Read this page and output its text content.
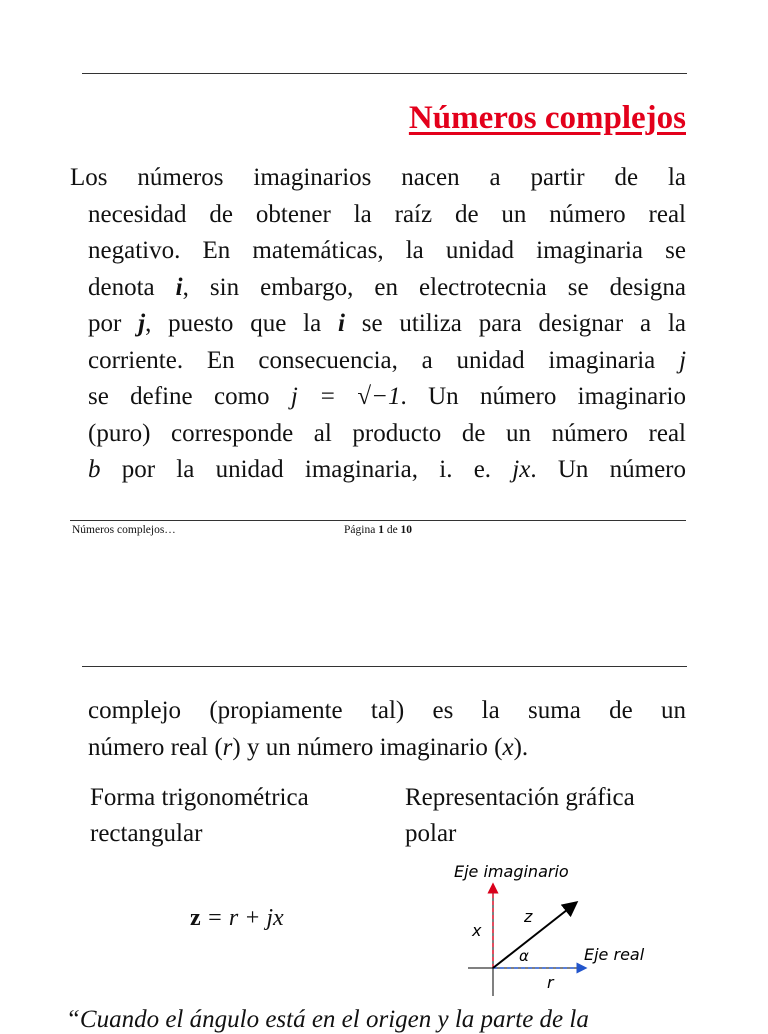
Números complejos
Los números imaginarios nacen a partir de la
necesidad de obtener la raíz de un número real
negativo. En matemáticas, la unidad imaginaria se
denota i, sin embargo, en electrotecnia se designa
por j, puesto que la i se utiliza para designar a la
corriente. En consecuencia, a unidad imaginaria j
se define como j = √−1. Un número imaginario
(puro) corresponde al producto de un número real
b por la unidad imaginaria, i. e. jx. Un número
Números complejos…	Página 1 de 10
complejo (propiamente tal) es la suma de un
número real (r) y un número imaginario (x).
Forma trigonométrica
rectangular
Representación gráfica
polar
z = r + jx
Eje imaginario
Eje real
z
x
r
α
“Cuando el ángulo está en el origen y la parte de la
